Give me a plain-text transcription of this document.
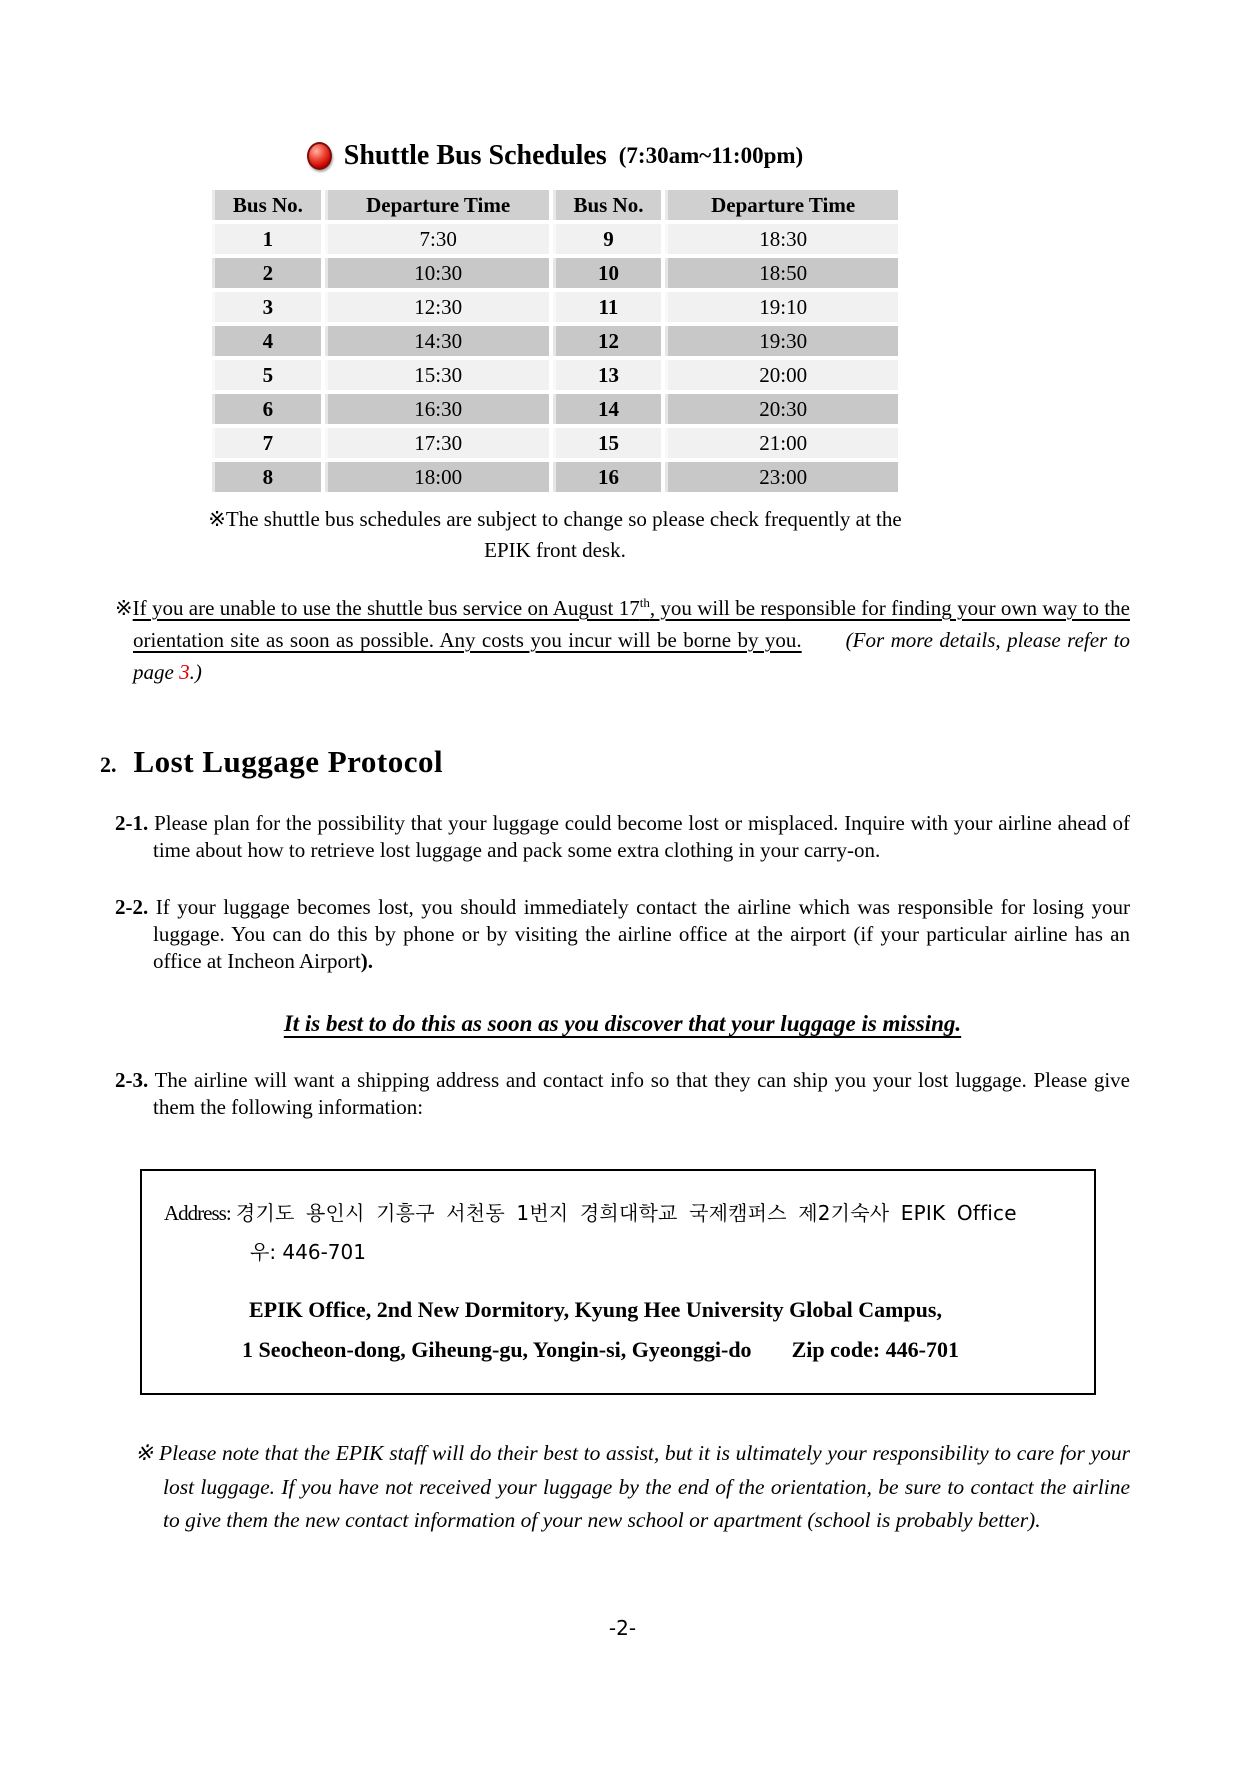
Shuttle Bus Schedules (7:30am~11:00pm)
Bus No.	Departure Time	Bus No.	Departure Time
1	7:30	9	18:30
2	10:30	10	18:50
3	12:30	11	19:10
4	14:30	12	19:30
5	15:30	13	20:00
6	16:30	14	20:30
7	17:30	15	21:00
8	18:00	16	23:00
※The shuttle bus schedules are subject to change so please check frequently at the EPIK front desk.
※If you are unable to use the shuttle bus service on August 17th, you will be responsible for finding your own way to the orientation site as soon as possible. Any costs you incur will be borne by you. (For more details, please refer to page 3.)
2. Lost Luggage Protocol

2-1. Please plan for the possibility that your luggage could become lost or misplaced. Inquire with your airline ahead of time about how to retrieve lost luggage and pack some extra clothing in your carry-on.

2-2. If your luggage becomes lost, you should immediately contact the airline which was responsible for losing your luggage. You can do this by phone or by visiting the airline office at the airport (if your particular airline has an office at Incheon Airport).

It is best to do this as soon as you discover that your luggage is missing.

2-3. The airline will want a shipping address and contact info so that they can ship you your lost luggage. Please give them the following information:

Address: 경기도 용인시 기흥구 서천동 1번지 경희대학교 국제캠퍼스 제2기숙사 EPIK Office
우: 446-701
EPIK Office, 2nd New Dormitory, Kyung Hee University Global Campus,
1 Seocheon-dong, Giheung-gu, Yongin-si, Gyeonggi-do Zip code: 446-701
※ Please note that the EPIK staff will do their best to assist, but it is ultimately your responsibility to care for your lost luggage. If you have not received your luggage by the end of the orientation, be sure to contact the airline to give them the new contact information of your new school or apartment (school is probably better).
-2-
